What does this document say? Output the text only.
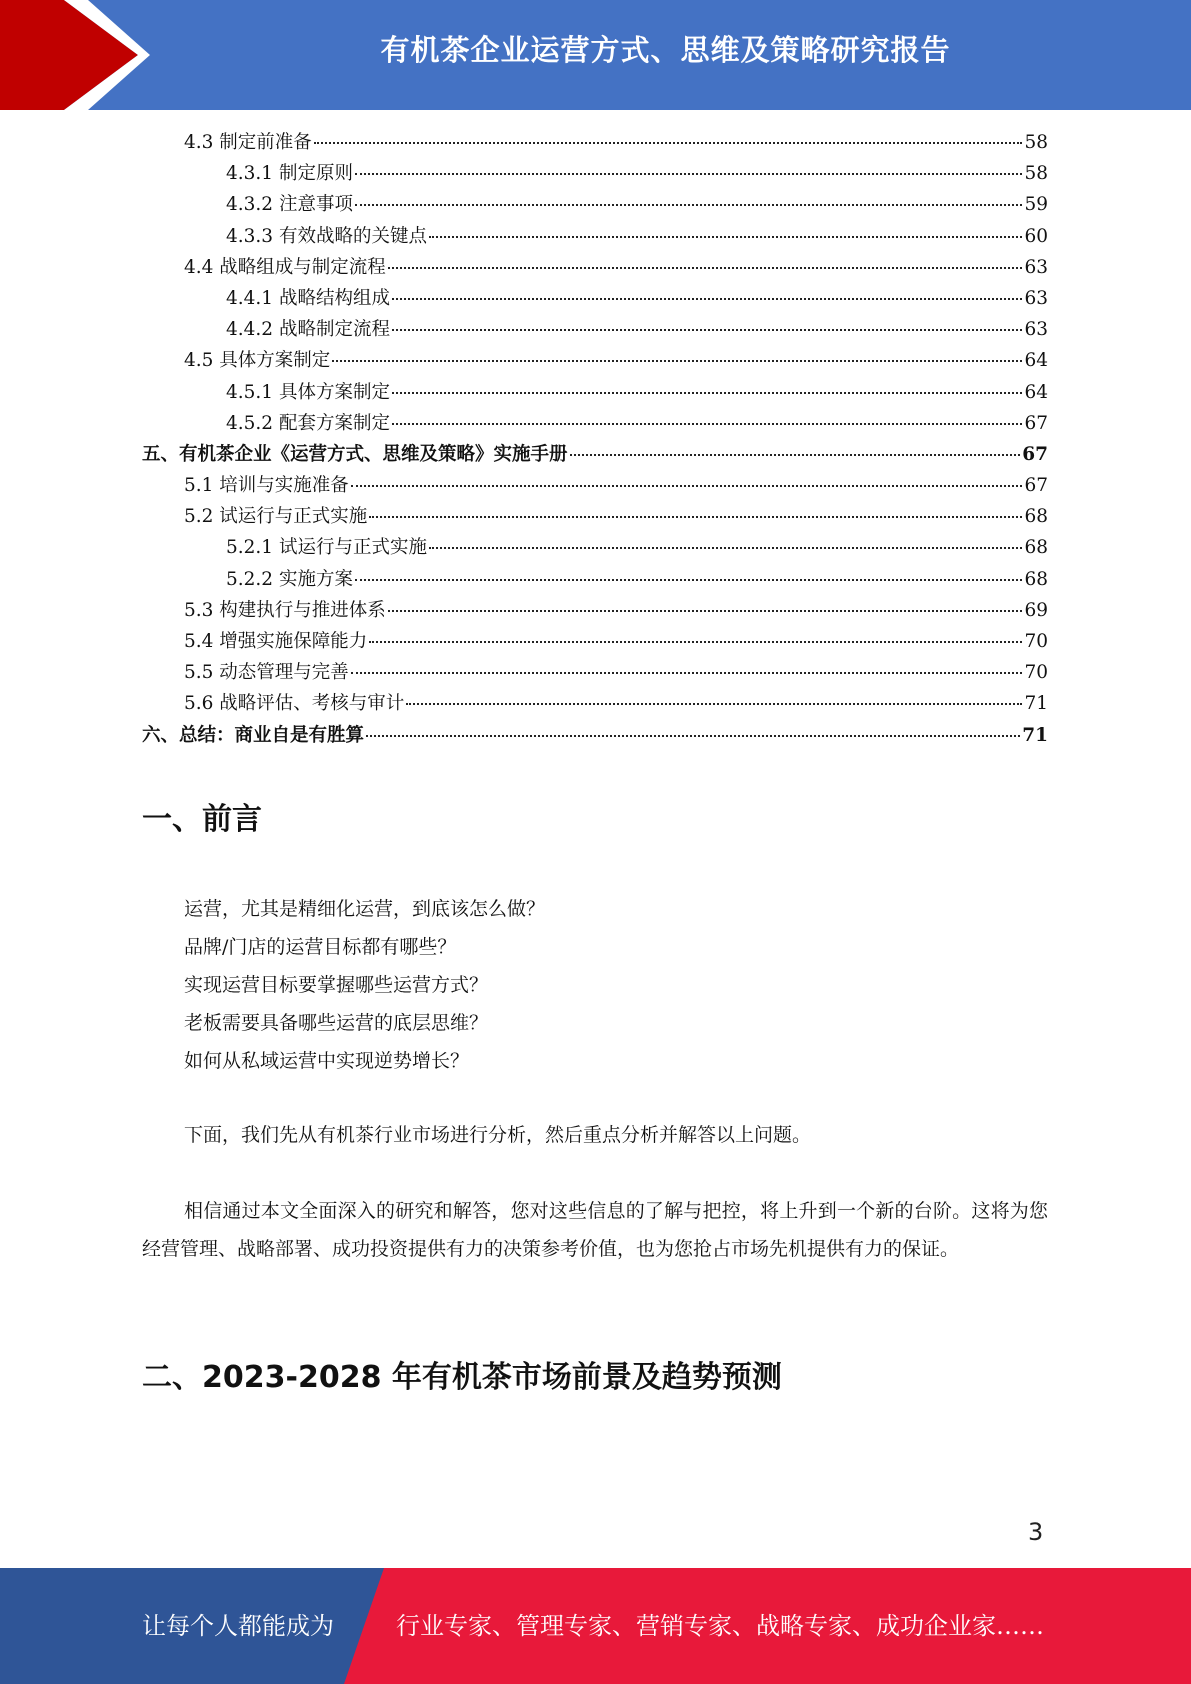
有机茶企业运营方式、思维及策略研究报告
4.3 制定前准备	58
4.3.1 制定原则	58
4.3.2 注意事项	59
4.3.3 有效战略的关键点	60
4.4 战略组成与制定流程	63
4.4.1 战略结构组成	63
4.4.2 战略制定流程	63
4.5 具体方案制定	64
4.5.1 具体方案制定	64
4.5.2 配套方案制定	67
五、有机茶企业《运营方式、思维及策略》实施手册	67
5.1 培训与实施准备	67
5.2 试运行与正式实施	68
5.2.1 试运行与正式实施	68
5.2.2 实施方案	68
5.3 构建执行与推进体系	69
5.4 增强实施保障能力	70
5.5 动态管理与完善	70
5.6 战略评估、考核与审计	71
六、总结：商业自是有胜算	71
一、前言

运营，尤其是精细化运营，到底该怎么做？

品牌/门店的运营目标都有哪些？

实现运营目标要掌握哪些运营方式？

老板需要具备哪些运营的底层思维？

如何从私域运营中实现逆势增长？

下面，我们先从有机茶行业市场进行分析，然后重点分析并解答以上问题。

相信通过本文全面深入的研究和解答，您对这些信息的了解与把控，将上升到一个新的台阶。这将为您经营管理、战略部署、成功投资提供有力的决策参考价值，也为您抢占市场先机提供有力的保证。

二、2023-2028 年有机茶市场前景及趋势预测
3
让每个人都能成为	行业专家、管理专家、营销专家、战略专家、成功企业家……
